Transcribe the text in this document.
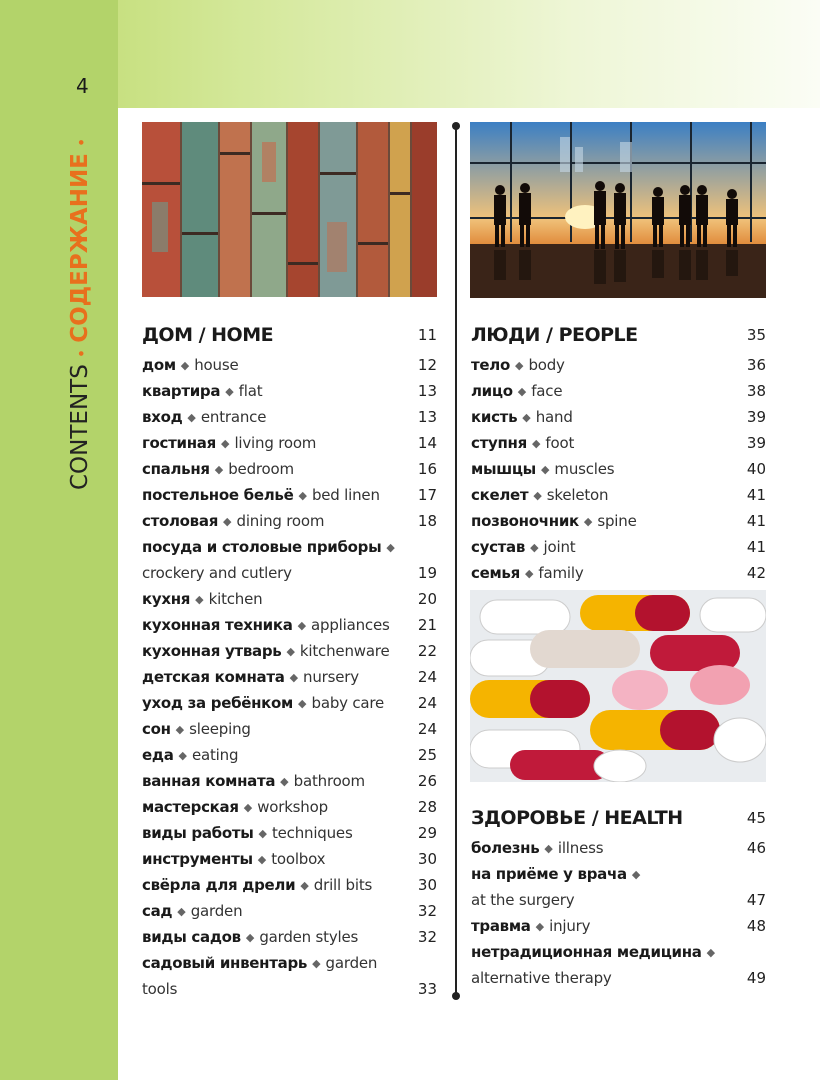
4
CONTENTS•СОДЕРЖАНИЕ•
ДОМ / HOME	11
дом ◆ house	12
квартира ◆ flat	13
вход ◆ entrance	13
гостиная ◆ living room	14
спальня ◆ bedroom	16
постельное бельё ◆ bed linen	17
столовая ◆ dining room	18
посуда и столовые приборы ◆
crockery and cutlery	19
кухня ◆ kitchen	20
кухонная техника ◆ appliances 21
кухонная утварь ◆ kitchenware 22
детская комната ◆ nursery	24
уход за ребёнком ◆ baby care 24
сон ◆ sleeping	24
еда ◆ eating	25
ванная комната ◆ bathroom	26
мастерская ◆ workshop	28
виды работы ◆ techniques	29
инструменты ◆ toolbox	30
свёрла для дрели ◆ drill bits	30
сад ◆ garden	32
виды садов ◆ garden styles	32
садовый инвентарь ◆ garden
tools	33
ЛЮДИ / PEOPLE	35
тело ◆ body	36
лицо ◆ face	38
кисть ◆ hand	39
ступня ◆ foot	39
мышцы ◆ muscles	40
скелет ◆ skeleton	41
позвоночник ◆ spine	41
сустав ◆ joint	41
семья ◆ family	42
ЗДОРОВЬЕ / HEALTH	45
болезнь ◆ illness	46
на приёме у врача ◆
at the surgery	47
травма ◆ injury	48
нетрадиционная медицина ◆
alternative therapy	49
